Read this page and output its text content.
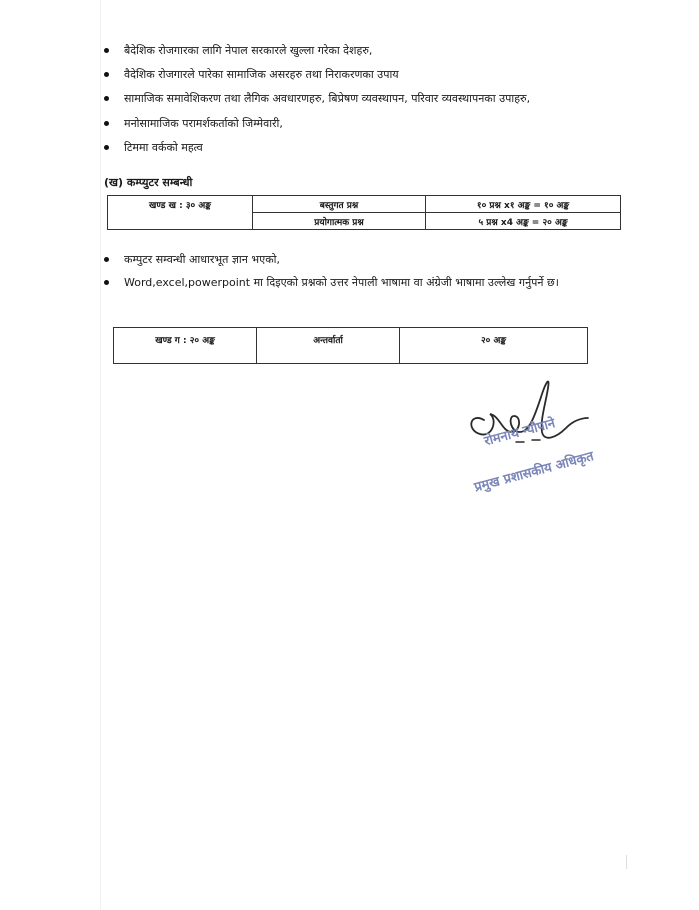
बैदेशिक रोजगारका लागि नेपाल सरकारले खुल्ला गरेका देशहरु,
वैदेशिक रोजगारले पारेका सामाजिक असरहरु तथा निराकरणका उपाय
सामाजिक समावेशिकरण तथा लैगिक अवधारणहरु, बिप्रेषण व्यवस्थापन, परिवार व्यवस्थापनका उपाहरु,
मनोसामाजिक परामर्शकर्ताको जिम्मेवारी,
टिममा वर्कको महत्व
(ख) कम्प्युटर सम्बन्धी
खण्ड ख : ३० अङ्क	बस्तुगत प्रश्न	१० प्रश्न x१ अङ्क = १० अङ्क
	प्रयोगात्मक प्रश्न	५ प्रश्न x4 अङ्क = २० अङ्क
कम्पुटर सम्वन्धी आधारभूत ज्ञान भएको,
Word,excel,powerpoint मा दिइएको प्रश्नको उत्तर नेपाली भाषामा वा अंग्रेजी भाषामा उल्लेख गर्नुपर्ने छ।
खण्ड ग : २० अङ्क	अन्तर्वार्ता	२० अङ्क
रोमनाथ न्यौपाने
प्रमुख प्रशासकीय अधिकृत
